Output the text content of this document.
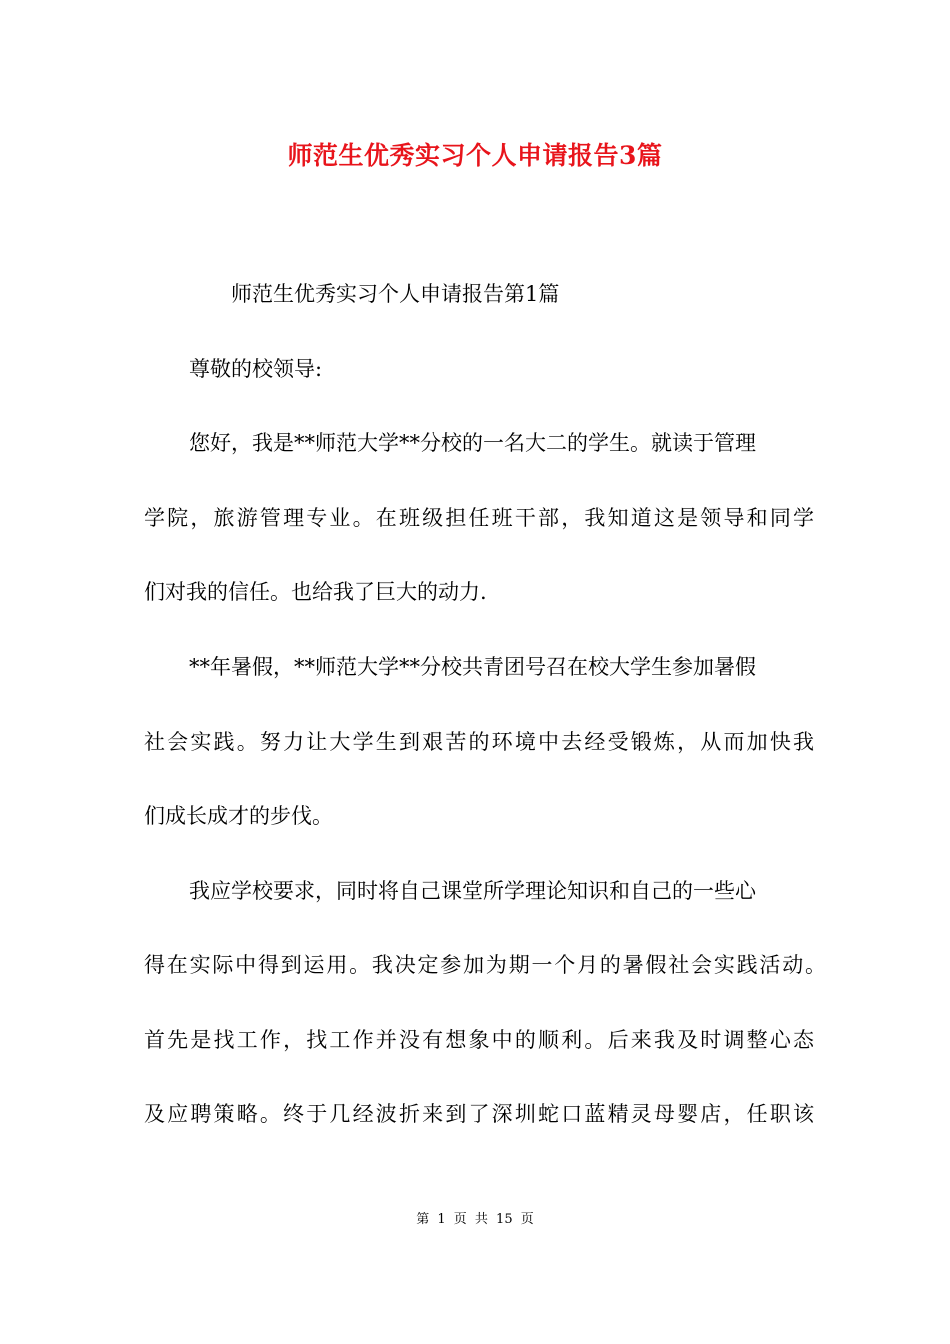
师范生优秀实习个人申请报告3篇
师范生优秀实习个人申请报告第1篇
尊敬的校领导:
您好，我是**师范大学**分校的一名大二的学生。就读于管理
学院，旅游管理专业。在班级担任班干部，我知道这是领导和同学
们对我的信任。也给我了巨大的动力.
**年暑假，**师范大学**分校共青团号召在校大学生参加暑假
社会实践。努力让大学生到艰苦的环境中去经受锻炼，从而加快我
们成长成才的步伐。
我应学校要求，同时将自己课堂所学理论知识和自己的一些心
得在实际中得到运用。我决定参加为期一个月的暑假社会实践活动。
首先是找工作，找工作并没有想象中的顺利。后来我及时调整心态
及应聘策略。终于几经波折来到了深圳蛇口蓝精灵母婴店，任职该
第 1 页 共 15 页
